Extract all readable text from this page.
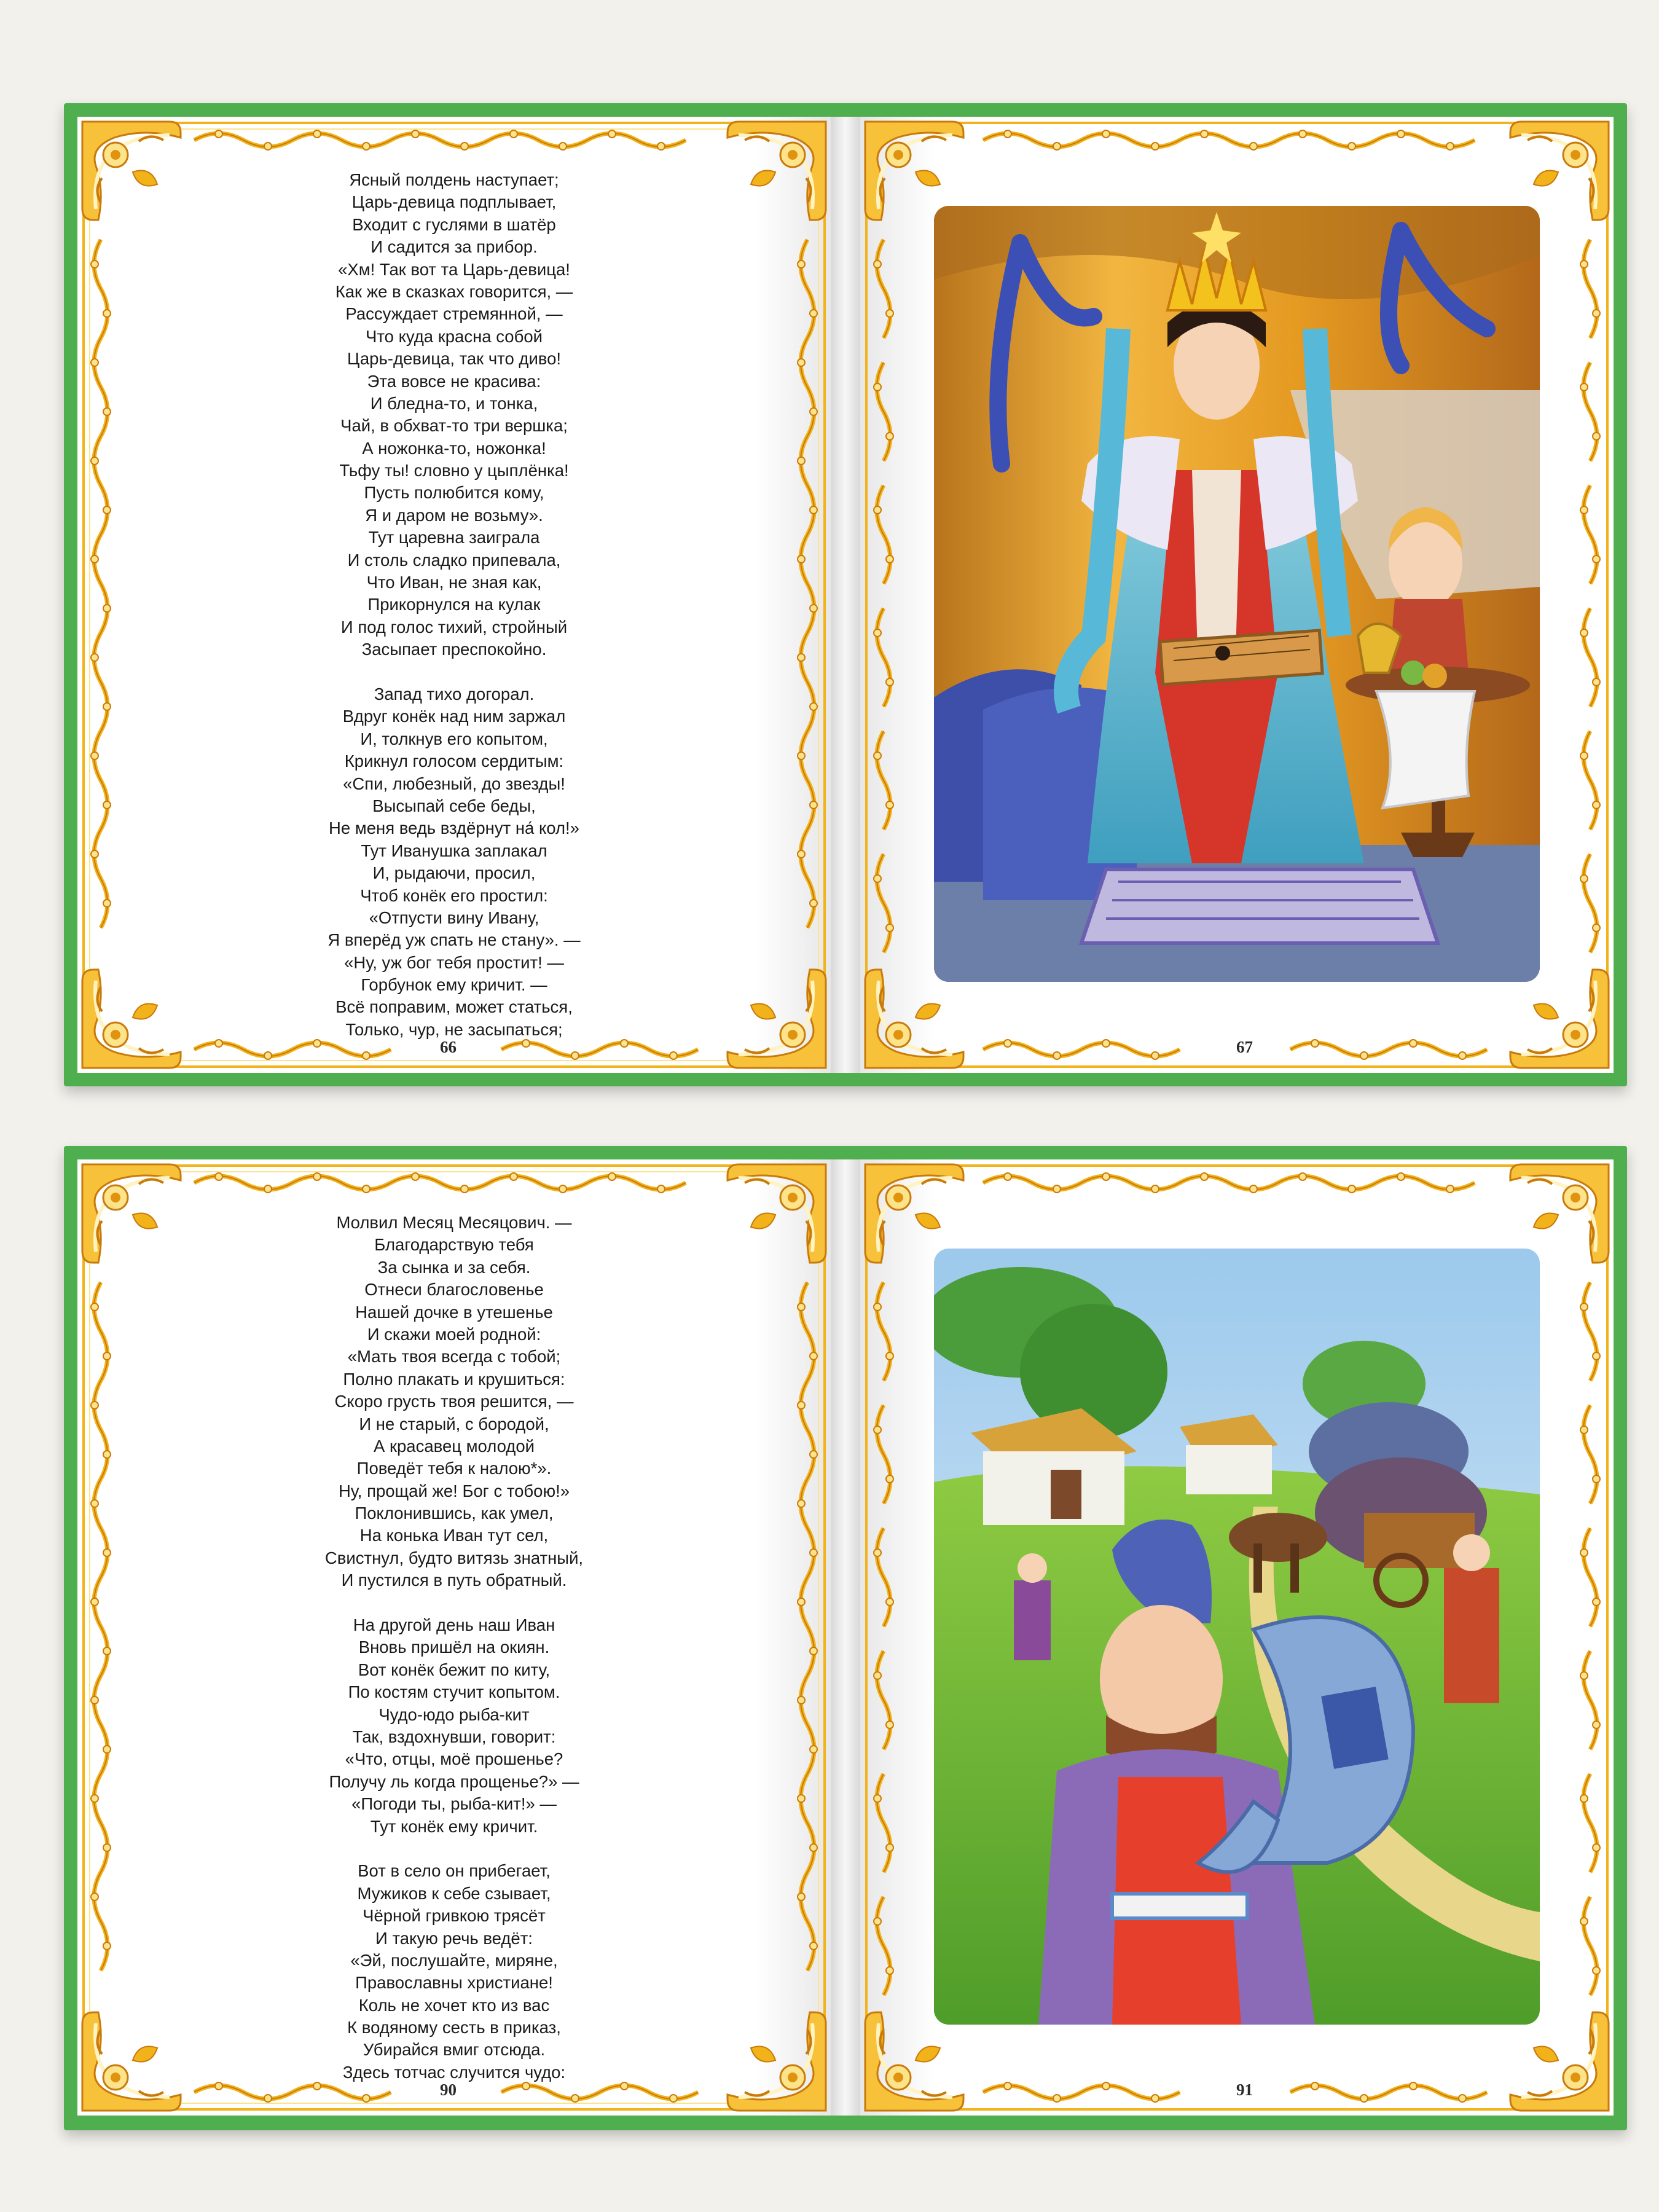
Ясный полдень наступает;
Царь-девица подплывает,
Входит с гуслями в шатёр
И садится за прибор.
«Хм! Так вот та Царь-девица!
Как же в сказках говорится, —
Рассуждает стремянной, —
Что куда красна собой
Царь-девица, так что диво!
Эта вовсе не красива:
И бледна-то, и тонка,
Чай, в обхват-то три вершка;
А ножонка-то, ножонка!
Тьфу ты! словно у цыплёнка!
Пусть полюбится кому,
Я и даром не возьму».
Тут царевна заиграла
И столь сладко припевала,
Что Иван, не зная как,
Прикорнулся на кулак
И под голос тихий, стройный
Засыпает преспокойно.
Запад тихо догорал.
Вдруг конёк над ним заржал
И, толкнув его копытом,
Крикнул голосом сердитым:
«Спи, любезный, до звезды!
Высыпай себе беды,
Не меня ведь вздёрнут на́ кол!»
Тут Иванушка заплакал
И, рыдаючи, просил,
Чтоб конёк его простил:
«Отпусти вину Ивану,
Я вперёд уж спать не стану». —
«Ну, уж бог тебя простит! —
Горбунок ему кричит. —
Всё поправим, может статься,
Только, чур, не засыпаться;
66	67
Молвил Месяц Месяцович. —
Благодарствую тебя
За сынка и за себя.
Отнеси благословенье
Нашей дочке в утешенье
И скажи моей родной:
«Мать твоя всегда с тобой;
Полно плакать и крушиться:
Скоро грусть твоя решится, —
И не старый, с бородой,
А красавец молодой
Поведёт тебя к налою*».
Ну, прощай же! Бог с тобою!»
Поклонившись, как умел,
На конька Иван тут сел,
Свистнул, будто витязь знатный,
И пустился в путь обратный.
На другой день наш Иван
Вновь пришёл на окиян.
Вот конёк бежит по киту,
По костям стучит копытом.
Чудо-юдо рыба-кит
Так, вздохнувши, говорит:
«Что, отцы, моё прошенье?
Получу ль когда прощенье?» —
«Погоди ты, рыба-кит!» —
Тут конёк ему кричит.
Вот в село он прибегает,
Мужиков к себе сзывает,
Чёрной гривкою трясёт
И такую речь ведёт:
«Эй, послушайте, миряне,
Православны христиане!
Коль не хочет кто из вас
К водяному сесть в приказ,
Убирайся вмиг отсюда.
Здесь тотчас случится чудо:
90	91
